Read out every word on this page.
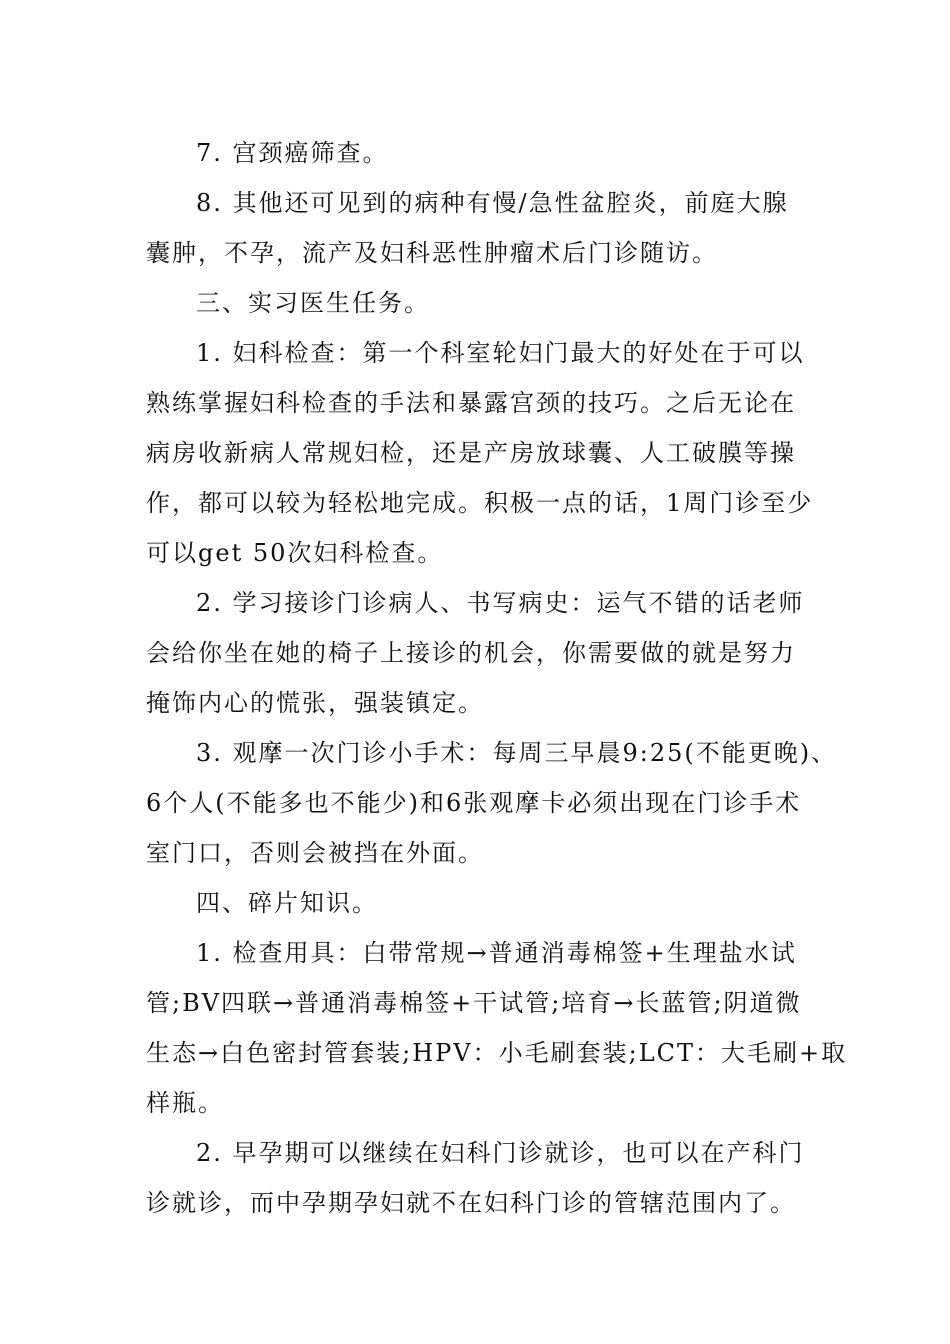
7. 宫颈癌筛查。

8. 其他还可见到的病种有慢/急性盆腔炎，前庭大腺
囊肿，不孕，流产及妇科恶性肿瘤术后门诊随访。

三、实习医生任务。

1. 妇科检查：第一个科室轮妇门最大的好处在于可以
熟练掌握妇科检查的手法和暴露宫颈的技巧。之后无论在
病房收新病人常规妇检，还是产房放球囊、人工破膜等操
作，都可以较为轻松地完成。积极一点的话，1周门诊至少
可以get 50次妇科检查。

2. 学习接诊门诊病人、书写病史：运气不错的话老师
会给你坐在她的椅子上接诊的机会，你需要做的就是努力
掩饰内心的慌张，强装镇定。

3. 观摩一次门诊小手术：每周三早晨9:25(不能更晚)、
6个人(不能多也不能少)和6张观摩卡必须出现在门诊手术
室门口，否则会被挡在外面。

四、碎片知识。

1. 检查用具：白带常规→普通消毒棉签+生理盐水试
管;BV四联→普通消毒棉签+干试管;培育→长蓝管;阴道微
生态→白色密封管套装;HPV：小毛刷套装;LCT：大毛刷+取
样瓶。

2. 早孕期可以继续在妇科门诊就诊，也可以在产科门
诊就诊，而中孕期孕妇就不在妇科门诊的管辖范围内了。
